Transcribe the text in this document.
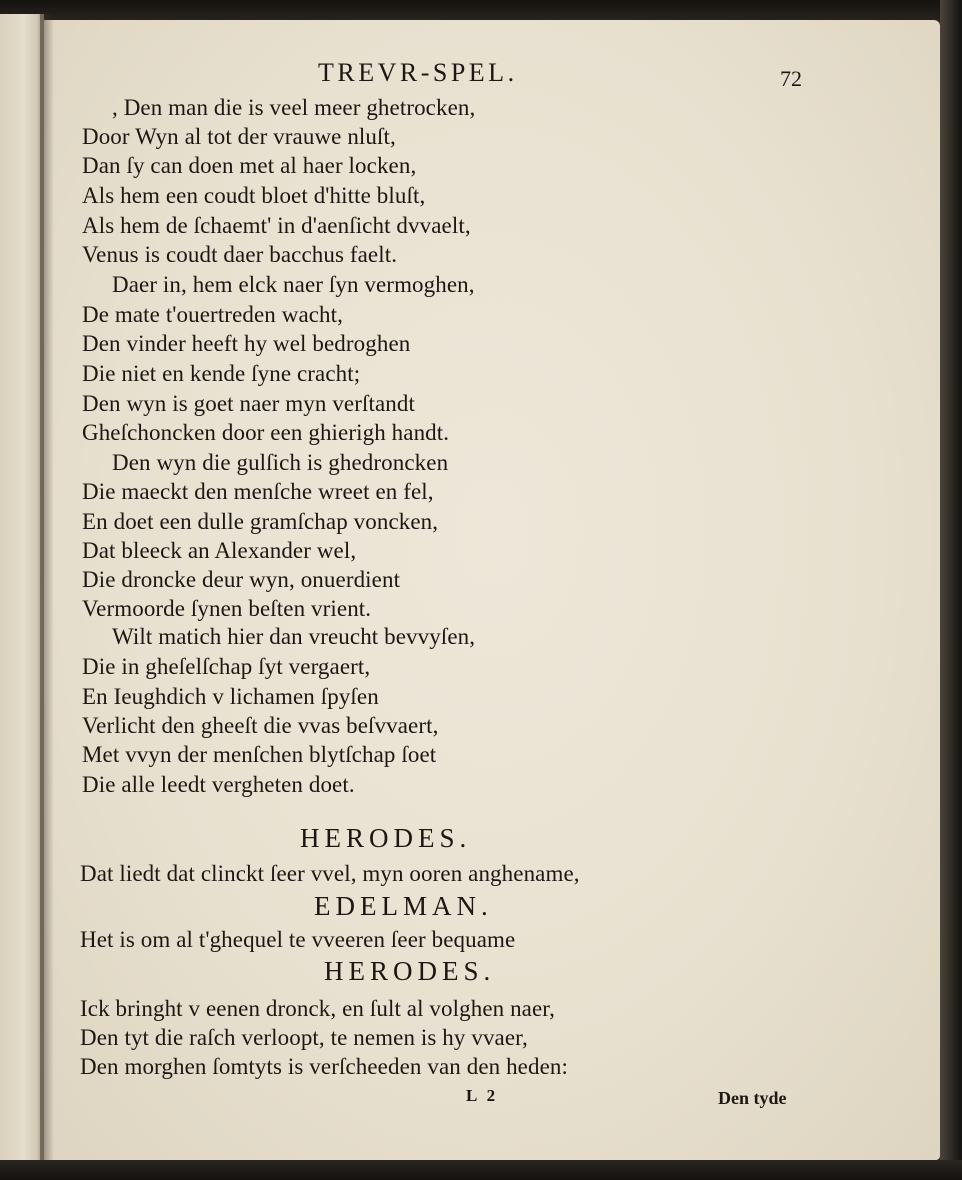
TREVR-SPEL.	72
, Den man die is veel meer ghetrocken,
Door Wyn al tot der vrauwe nluſt,
Dan ſy can doen met al haer locken,
Als hem een coudt bloet d'hitte bluſt,
Als hem de ſchaemt' in d'aenſicht dvvaelt,
Venus is coudt daer bacchus faelt.
Daer in, hem elck naer ſyn vermoghen,
De mate t'ouertreden wacht,
Den vinder heeft hy wel bedroghen
Die niet en kende ſyne cracht;
Den wyn is goet naer myn verſtandt
Gheſchoncken door een ghierigh handt.
Den wyn die gulſich is ghedroncken
Die maeckt den menſche wreet en fel,
En doet een dulle gramſchap voncken,
Dat bleeck an Alexander wel,
Die droncke deur wyn, onuerdient
Vermoorde ſynen beſten vrient.
Wilt matich hier dan vreucht bevvyſen,
Die in gheſelſchap ſyt vergaert,
En Ieughdich v lichamen ſpyſen
Verlicht den gheeſt die vvas beſvvaert,
Met vvyn der menſchen blytſchap ſoet
Die alle leedt vergheten doet.
HERODES.
Dat liedt dat clinckt ſeer vvel, myn ooren anghename,
EDELMAN.
Het is om al t'ghequel te vveeren ſeer bequame
HERODES.
Ick bringht v eenen dronck, en ſult al volghen naer,
Den tyt die raſch verloopt, te nemen is hy vvaer,
Den morghen ſomtyts is verſcheeden van den heden:
L 2	Den tyde
